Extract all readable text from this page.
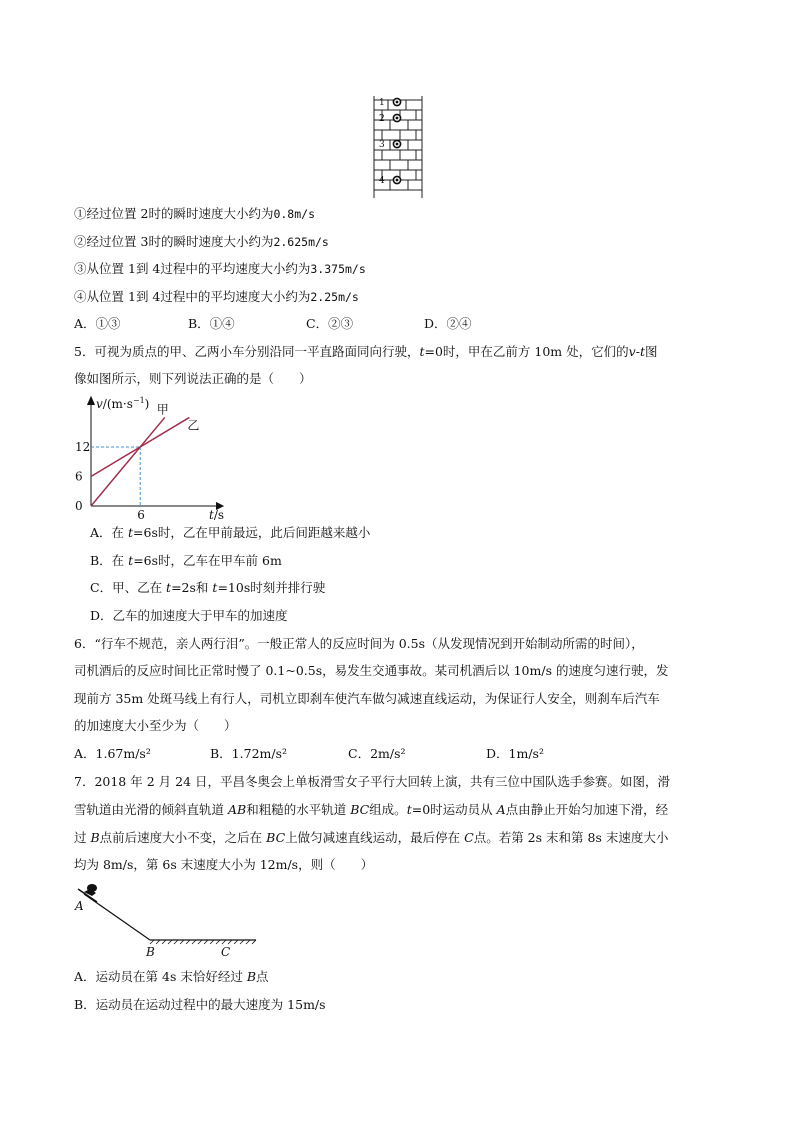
1
2
3
4
①经过位置 2时的瞬时速度大小约为0.8m/s
②经过位置 3时的瞬时速度大小约为2.625m/s
③从位置 1到 4过程中的平均速度大小约为3.375m/s
④从位置 1到 4过程中的平均速度大小约为2.25m/s
A．①③	B．①④	C．②③	D．②④
5．可视为质点的甲、乙两小车分别沿同一平直路面同向行驶，t=0时，甲在乙前方 10m 处，它们的v-t图
像如图所示，则下列说法正确的是（　　）
$v/(m\cdot s^{-1})$
t/s
甲
乙
12
6
0
6
A．在 t=6s时，乙在甲前最远，此后间距越来越小
B．在 t=6s时，乙车在甲车前 6m
C．甲、乙在 t=2s和 t=10s时刻并排行驶
D．乙车的加速度大于甲车的加速度
6．“行车不规范，亲人两行泪”。一般正常人的反应时间为 0.5s（从发现情况到开始制动所需的时间），
司机酒后的反应时间比正常时慢了 0.1~0.5s，易发生交通事故。某司机酒后以 10m/s 的速度匀速行驶，发
现前方 35m 处斑马线上有行人，司机立即刹车使汽车做匀减速直线运动，为保证行人安全，则刹车后汽车
的加速度大小至少为（　　）
A．1.67m/s²	B．1.72m/s²	C．2m/s²	D．1m/s²
7．2018 年 2 月 24 日，平昌冬奥会上单板滑雪女子平行大回转上演，共有三位中国队选手参赛。如图，滑
雪轨道由光滑的倾斜直轨道 AB和粗糙的水平轨道 BC组成。t=0时运动员从 A点由静止开始匀加速下滑，经
过 B点前后速度大小不变，之后在 BC上做匀减速直线运动，最后停在 C点。若第 2s 末和第 8s 末速度大小
均为 8m/s，第 6s 末速度大小为 12m/s，则（　　）
A
B	C
A．运动员在第 4s 末恰好经过 B点
B．运动员在运动过程中的最大速度为 15m/s
